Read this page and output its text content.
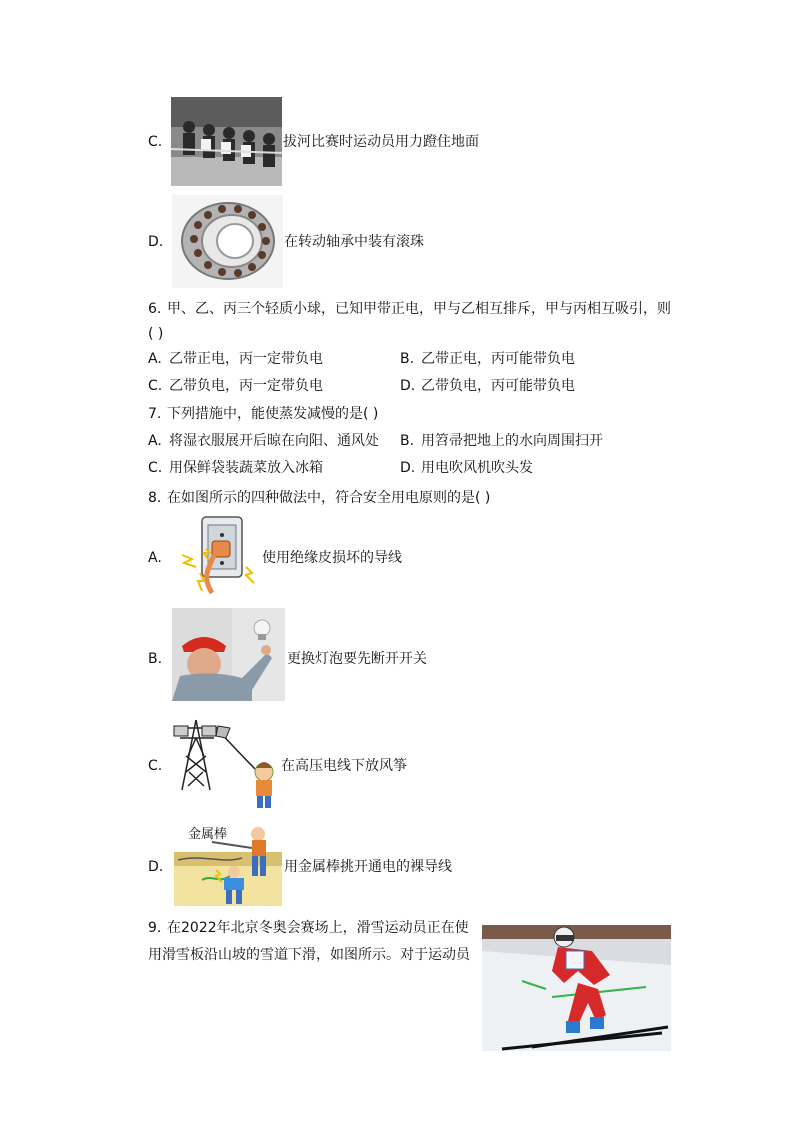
C.	拔河比赛时运动员用力蹬住地面
D.	在转动轴承中装有滚珠
6. 甲、乙、丙三个轻质小球，已知甲带正电，甲与乙相互排斥，甲与丙相互吸引，则
( )
A. 乙带正电，丙一定带负电	B. 乙带正电，丙可能带负电
C. 乙带负电，丙一定带负电	D. 乙带负电，丙可能带负电
7. 下列措施中，能使蒸发减慢的是( )
A. 将湿衣服展开后晾在向阳、通风处 B. 用笤帚把地上的水向周围扫开
C. 用保鲜袋装蔬菜放入冰箱	D. 用电吹风机吹头发
8. 在如图所示的四种做法中，符合安全用电原则的是( )
A.	使用绝缘皮损坏的导线
B.	更换灯泡要先断开开关
C.	在高压电线下放风筝
D.
金属棒
用金属棒挑开通电的裸导线
9. 在2022年北京冬奥会赛场上，滑雪运动员正在使
用滑雪板沿山坡的雪道下滑，如图所示。对于运动员
